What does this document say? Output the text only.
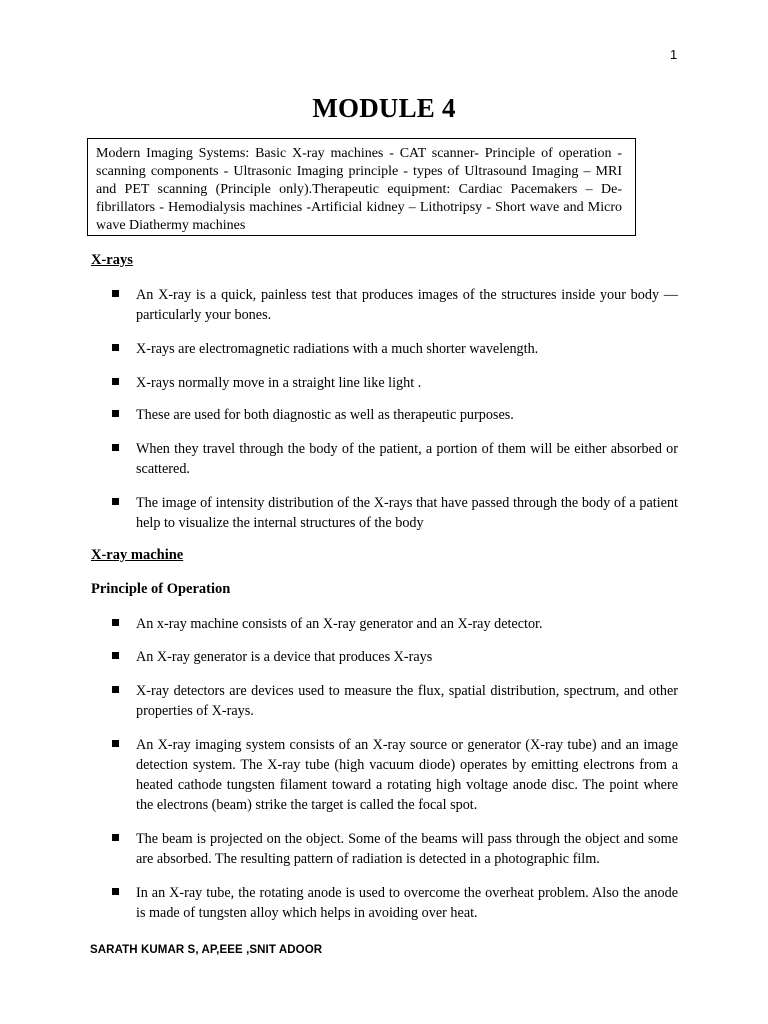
1
MODULE 4
Modern Imaging Systems: Basic X-ray machines - CAT scanner- Principle of operation - scanning components - Ultrasonic Imaging principle - types of Ultrasound Imaging – MRI and PET scanning (Principle only).Therapeutic equipment: Cardiac Pacemakers – De-fibrillators - Hemodialysis machines -Artificial kidney – Lithotripsy - Short wave and Micro wave Diathermy machines
X-rays
An X-ray is a quick, painless test that produces images of the structures inside your body — particularly your bones.
X-rays are electromagnetic radiations with a much shorter wavelength.
X-rays normally move in a straight line like light .
These are used for both diagnostic as well as therapeutic purposes.
When they travel through the body of the patient, a portion of them will be either absorbed or scattered.
The image of intensity distribution of the X-rays that have passed through the body of a patient help to visualize the internal structures of the body
X-ray machine
Principle of Operation
An x-ray machine consists of an X-ray generator and an X-ray detector.
An X-ray generator is a device that produces X-rays
X-ray detectors are devices used to measure the flux, spatial distribution, spectrum, and other properties of X-rays.
An X-ray imaging system consists of an X-ray source or generator (X-ray tube) and an image detection system. The X-ray tube (high vacuum diode) operates by emitting electrons from a heated cathode tungsten filament toward a rotating high voltage anode disc. The point where the electrons (beam) strike the target is called the focal spot.
The beam is projected on the object. Some of the beams will pass through the object and some are absorbed. The resulting pattern of radiation is detected in a photographic film.
In an X-ray tube, the rotating anode is used to overcome the overheat problem. Also the anode is made of tungsten alloy which helps in avoiding over heat.
SARATH KUMAR S, AP,EEE ,SNIT ADOOR
